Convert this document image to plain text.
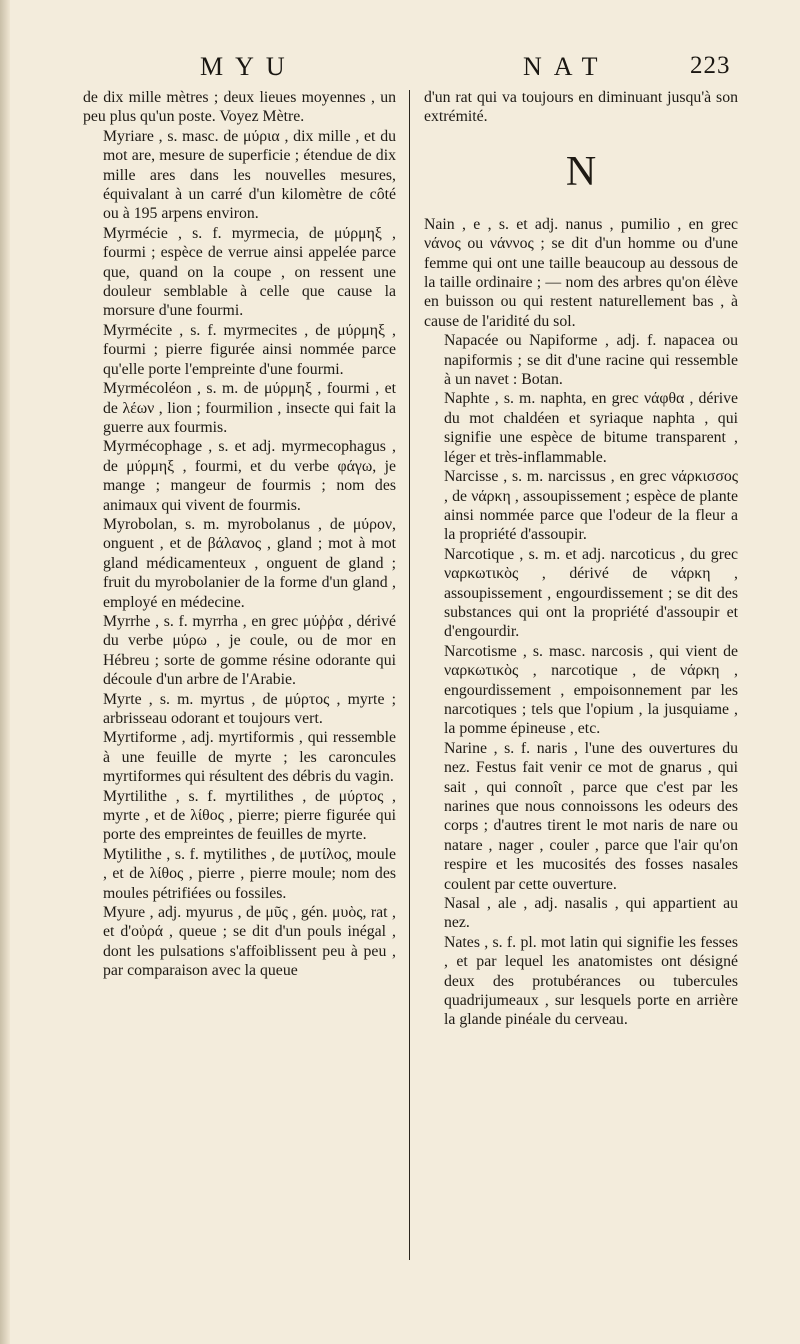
MYU	NAT	223

de dix mille mètres ; deux lieues moyennes , un peu plus qu'un poste. Voyez Mètre.

Myriare , s. masc. de μύρια , dix mille , et du mot are, mesure de superficie ; étendue de dix mille ares dans les nouvelles mesures, équivalant à un carré d'un kilomètre de côté ou à 195 arpens environ.

Myrmécie , s. f. myrmecia, de μύρμηξ , fourmi ; espèce de verrue ainsi appelée parce que, quand on la coupe , on ressent une douleur semblable à celle que cause la morsure d'une fourmi.

Myrmécite , s. f. myrmecites , de μύρμηξ , fourmi ; pierre figurée ainsi nommée parce qu'elle porte l'empreinte d'une fourmi.

Myrmécoléon , s. m. de μύρμηξ , fourmi , et de λέων , lion ; fourmilion , insecte qui fait la guerre aux fourmis.

Myrmécophage , s. et adj. myrmecophagus , de μύρμηξ , fourmi, et du verbe φάγω, je mange ; mangeur de fourmis ; nom des animaux qui vivent de fourmis.

Myrobolan, s. m. myrobolanus , de μύρον, onguent , et de βάλανος , gland ; mot à mot gland médicamenteux , onguent de gland ; fruit du myrobolanier de la forme d'un gland , employé en médecine.

Myrrhe , s. f. myrrha , en grec μύῤῥα , dérivé du verbe μύρω , je coule, ou de mor en Hébreu ; sorte de gomme résine odorante qui découle d'un arbre de l'Arabie.

Myrte , s. m. myrtus , de μύρτος , myrte ; arbrisseau odorant et toujours vert.

Myrtiforme , adj. myrtiformis , qui ressemble à une feuille de myrte ; les caroncules myrtiformes qui résultent des débris du vagin.

Myrtilithe , s. f. myrtilithes , de μύρτος , myrte , et de λίθος , pierre; pierre figurée qui porte des empreintes de feuilles de myrte.

Mytilithe , s. f. mytilithes , de μυτίλος, moule , et de λίθος , pierre , pierre moule; nom des moules pétrifiées ou fossiles.

Myure , adj. myurus , de μῦς , gén. μυὸς, rat , et d'οὐρά , queue ; se dit d'un pouls inégal , dont les pulsations s'affoiblissent peu à peu , par comparaison avec la queue

d'un rat qui va toujours en diminuant jusqu'à son extrémité.

N

Nain , e , s. et adj. nanus , pumilio , en grec νάνος ou νάννος ; se dit d'un homme ou d'une femme qui ont une taille beaucoup au dessous de la taille ordinaire ; — nom des arbres qu'on élève en buisson ou qui restent naturellement bas , à cause de l'aridité du sol.

Napacée ou Napiforme , adj. f. napacea ou napiformis ; se dit d'une racine qui ressemble à un navet : Botan.

Naphte , s. m. naphta, en grec νάφθα , dérive du mot chaldéen et syriaque naphta , qui signifie une espèce de bitume transparent , léger et très-inflammable.

Narcisse , s. m. narcissus , en grec νάρκισσος , de νάρκη , assoupissement ; espèce de plante ainsi nommée parce que l'odeur de la fleur a la propriété d'assoupir.

Narcotique , s. m. et adj. narcoticus , du grec ναρκωτικὸς , dérivé de νάρκη , assoupissement , engourdissement ; se dit des substances qui ont la propriété d'assoupir et d'engourdir.

Narcotisme , s. masc. narcosis , qui vient de ναρκωτικὸς , narcotique , de νάρκη , engourdissement , empoisonnement par les narcotiques ; tels que l'opium , la jusquiame , la pomme épineuse , etc.

Narine , s. f. naris , l'une des ouvertures du nez. Festus fait venir ce mot de gnarus , qui sait , qui connoît , parce que c'est par les narines que nous connoissons les odeurs des corps ; d'autres tirent le mot naris de nare ou natare , nager , couler , parce que l'air qu'on respire et les mucosités des fosses nasales coulent par cette ouverture.

Nasal , ale , adj. nasalis , qui appartient au nez.

Nates , s. f. pl. mot latin qui signifie les fesses , et par lequel les anatomistes ont désigné deux des protubérances ou tubercules quadrijumeaux , sur lesquels porte en arrière la glande pinéale du cerveau.
